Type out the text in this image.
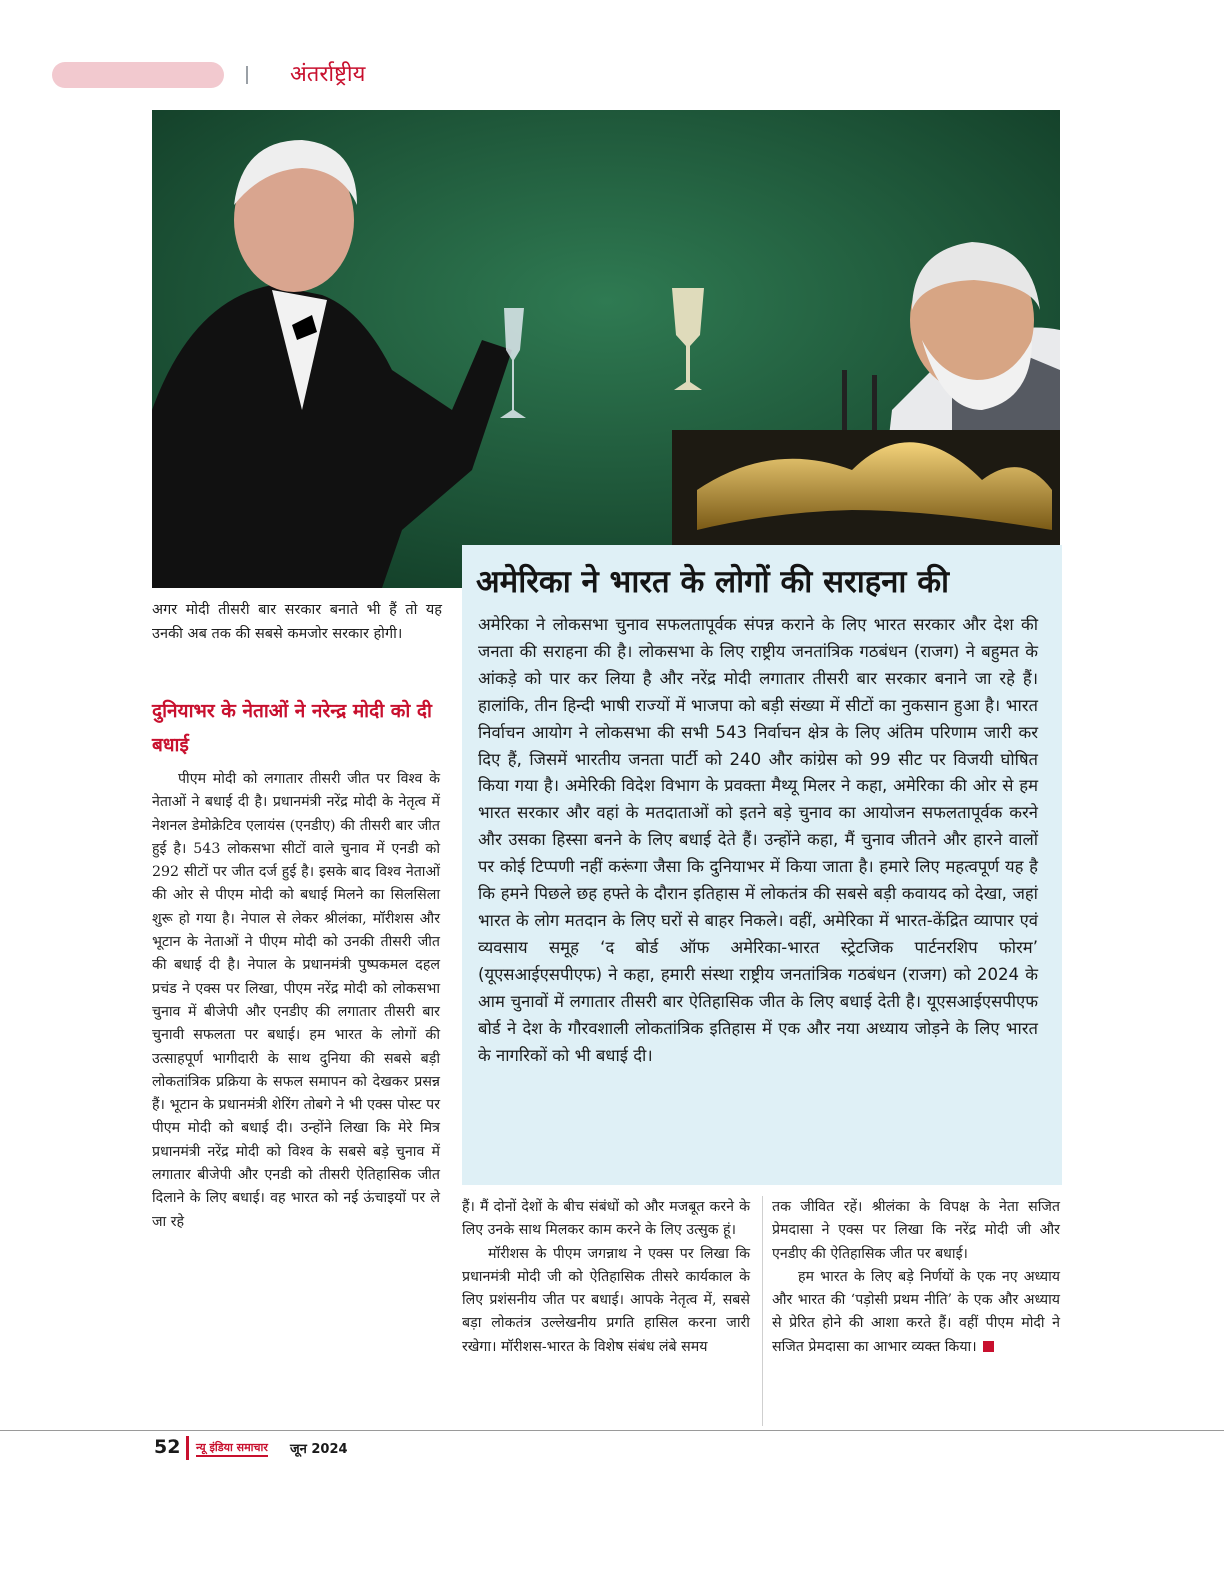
अंतर्राष्ट्रीय

अगर मोदी तीसरी बार सरकार बनाते भी हैं तो यह उनकी अब तक की सबसे कमजोर सरकार होगी।

दुनियाभर के नेताओं ने नरेन्द्र मोदी को दी बधाई

पीएम मोदी को लगातार तीसरी जीत पर विश्व के नेताओं ने बधाई दी है। प्रधानमंत्री नरेंद्र मोदी के नेतृत्व में नेशनल डेमोक्रेटिव एलायंस (एनडीए) की तीसरी बार जीत हुई है। 543 लोकसभा सीटों वाले चुनाव में एनडी को 292 सीटों पर जीत दर्ज हुई है। इसके बाद विश्व नेताओं की ओर से पीएम मोदी को बधाई मिलने का सिलसिला शुरू हो गया है। नेपाल से लेकर श्रीलंका, मॉरीशस और भूटान के नेताओं ने पीएम मोदी को उनकी तीसरी जीत की बधाई दी है। नेपाल के प्रधानमंत्री पुष्पकमल दहल प्रचंड ने एक्स पर लिखा, पीएम नरेंद्र मोदी को लोकसभा चुनाव में बीजेपी और एनडीए की लगातार तीसरी बार चुनावी सफलता पर बधाई। हम भारत के लोगों की उत्साहपूर्ण भागीदारी के साथ दुनिया की सबसे बड़ी लोकतांत्रिक प्रक्रिया के सफल समापन को देखकर प्रसन्न हैं। भूटान के प्रधानमंत्री शेरिंग तोबगे ने भी एक्स पोस्ट पर पीएम मोदी को बधाई दी। उन्होंने लिखा कि मेरे मित्र प्रधानमंत्री नरेंद्र मोदी को विश्व के सबसे बड़े चुनाव में लगातार बीजेपी और एनडी को तीसरी ऐतिहासिक जीत दिलाने के लिए बधाई। वह भारत को नई ऊंचाइयों पर ले जा रहे

अमेरिका ने भारत के लोगों की सराहना की

अमेरिका ने लोकसभा चुनाव सफलतापूर्वक संपन्न कराने के लिए भारत सरकार और देश की जनता की सराहना की है। लोकसभा के लिए राष्ट्रीय जनतांत्रिक गठबंधन (राजग) ने बहुमत के आंकड़े को पार कर लिया है और नरेंद्र मोदी लगातार तीसरी बार सरकार बनाने जा रहे हैं। हालांकि, तीन हिन्दी भाषी राज्यों में भाजपा को बड़ी संख्या में सीटों का नुकसान हुआ है। भारत निर्वाचन आयोग ने लोकसभा की सभी 543 निर्वाचन क्षेत्र के लिए अंतिम परिणाम जारी कर दिए हैं, जिसमें भारतीय जनता पार्टी को 240 और कांग्रेस को 99 सीट पर विजयी घोषित किया गया है। अमेरिकी विदेश विभाग के प्रवक्ता मैथ्यू मिलर ने कहा, अमेरिका की ओर से हम भारत सरकार और वहां के मतदाताओं को इतने बड़े चुनाव का आयोजन सफलतापूर्वक करने और उसका हिस्सा बनने के लिए बधाई देते हैं। उन्होंने कहा, मैं चुनाव जीतने और हारने वालों पर कोई टिप्पणी नहीं करूंगा जैसा कि दुनियाभर में किया जाता है। हमारे लिए महत्वपूर्ण यह है कि हमने पिछले छह हफ्ते के दौरान इतिहास में लोकतंत्र की सबसे बड़ी कवायद को देखा, जहां भारत के लोग मतदान के लिए घरों से बाहर निकले। वहीं, अमेरिका में भारत-केंद्रित व्यापार एवं व्यवसाय समूह ‘द बोर्ड ऑफ अमेरिका-भारत स्ट्रेटजिक पार्टनरशिप फोरम’ (यूएसआईएसपीएफ) ने कहा, हमारी संस्था राष्ट्रीय जनतांत्रिक गठबंधन (राजग) को 2024 के आम चुनावों में लगातार तीसरी बार ऐतिहासिक जीत के लिए बधाई देती है। यूएसआईएसपीएफ बोर्ड ने देश के गौरवशाली लोकतांत्रिक इतिहास में एक और नया अध्याय जोड़ने के लिए भारत के नागरिकों को भी बधाई दी।

हैं। मैं दोनों देशों के बीच संबंधों को और मजबूत करने के लिए उनके साथ मिलकर काम करने के लिए उत्सुक हूं।

मॉरीशस के पीएम जगन्नाथ ने एक्स पर लिखा कि प्रधानमंत्री मोदी जी को ऐतिहासिक तीसरे कार्यकाल के लिए प्रशंसनीय जीत पर बधाई। आपके नेतृत्व में, सबसे बड़ा लोकतंत्र उल्लेखनीय प्रगति हासिल करना जारी रखेगा। मॉरीशस-भारत के विशेष संबंध लंबे समय

तक जीवित रहें। श्रीलंका के विपक्ष के नेता सजित प्रेमदासा ने एक्स पर लिखा कि नरेंद्र मोदी जी और एनडीए की ऐतिहासिक जीत पर बधाई।

हम भारत के लिए बड़े निर्णयों के एक नए अध्याय और भारत की ‘पड़ोसी प्रथम नीति’ के एक और अध्याय से प्रेरित होने की आशा करते हैं। वहीं पीएम मोदी ने सजित प्रेमदासा का आभार व्यक्त किया।

52 न्यू इंडिया समाचार जून 2024
